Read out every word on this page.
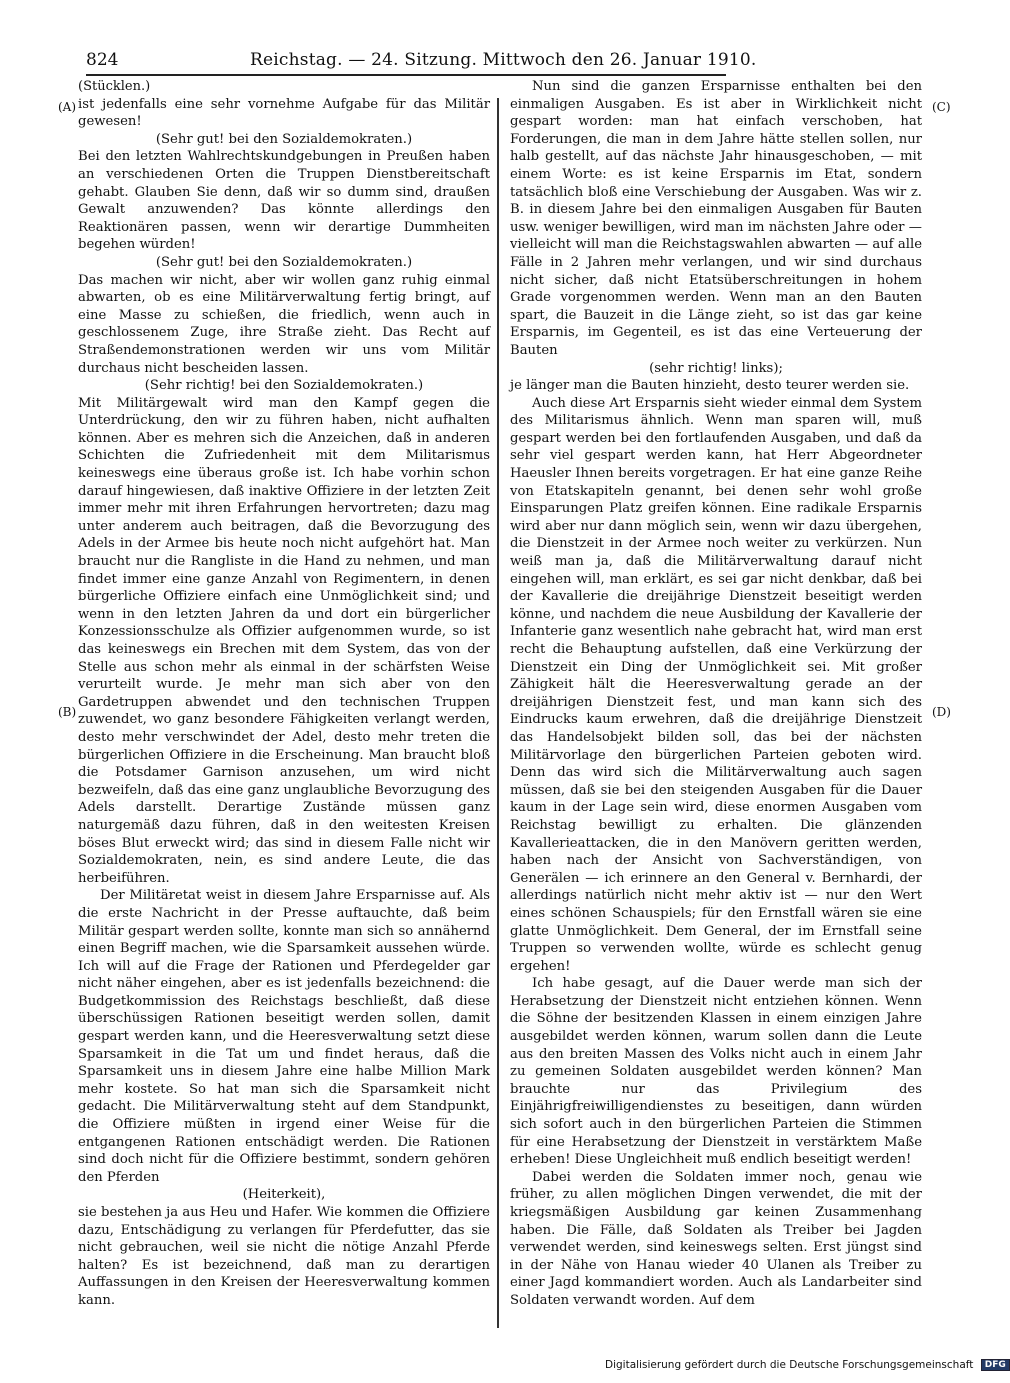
824	Reichstag. — 24. Sitzung. Mittwoch den 26. Januar 1910.
(A)
(B)
(C)
(D)

(Stücklen.)

ist jedenfalls eine sehr vornehme Aufgabe für das Militär gewesen!

(Sehr gut! bei den Sozialdemokraten.)

Bei den letzten Wahlrechtskundgebungen in Preußen haben an verschiedenen Orten die Truppen Dienstbereitschaft gehabt. Glauben Sie denn, daß wir so dumm sind, draußen Gewalt anzuwenden? Das könnte allerdings den Reaktionären passen, wenn wir derartige Dummheiten begehen würden!

(Sehr gut! bei den Sozialdemokraten.)

Das machen wir nicht, aber wir wollen ganz ruhig einmal abwarten, ob es eine Militärverwaltung fertig bringt, auf eine Masse zu schießen, die friedlich, wenn auch in geschlossenem Zuge, ihre Straße zieht. Das Recht auf Straßendemonstrationen werden wir uns vom Militär durchaus nicht bescheiden lassen.

(Sehr richtig! bei den Sozialdemokraten.)

Mit Militärgewalt wird man den Kampf gegen die Unterdrückung, den wir zu führen haben, nicht aufhalten können. Aber es mehren sich die Anzeichen, daß in anderen Schichten die Zufriedenheit mit dem Militarismus keineswegs eine überaus große ist. Ich habe vorhin schon darauf hingewiesen, daß inaktive Offiziere in der letzten Zeit immer mehr mit ihren Erfahrungen hervortreten; dazu mag unter anderem auch beitragen, daß die Bevorzugung des Adels in der Armee bis heute noch nicht aufgehört hat. Man braucht nur die Rangliste in die Hand zu nehmen, und man findet immer eine ganze Anzahl von Regimentern, in denen bürgerliche Offiziere einfach eine Unmöglichkeit sind; und wenn in den letzten Jahren da und dort ein bürgerlicher Konzessionsschulze als Offizier aufgenommen wurde, so ist das keineswegs ein Brechen mit dem System, das von der Stelle aus schon mehr als einmal in der schärfsten Weise verurteilt wurde. Je mehr man sich aber von den Gardetruppen abwendet und den technischen Truppen zuwendet, wo ganz besondere Fähigkeiten verlangt werden, desto mehr verschwindet der Adel, desto mehr treten die bürgerlichen Offiziere in die Erscheinung. Man braucht bloß die Potsdamer Garnison anzusehen, um wird nicht bezweifeln, daß das eine ganz unglaubliche Bevorzugung des Adels darstellt. Derartige Zustände müssen ganz naturgemäß dazu führen, daß in den weitesten Kreisen böses Blut erweckt wird; das sind in diesem Falle nicht wir Sozialdemokraten, nein, es sind andere Leute, die das herbeiführen.

Der Militäretat weist in diesem Jahre Ersparnisse auf. Als die erste Nachricht in der Presse auftauchte, daß beim Militär gespart werden sollte, konnte man sich so annähernd einen Begriff machen, wie die Sparsamkeit aussehen würde. Ich will auf die Frage der Rationen und Pferdegelder gar nicht näher eingehen, aber es ist jedenfalls bezeichnend: die Budgetkommission des Reichstags beschließt, daß diese überschüssigen Rationen beseitigt werden sollen, damit gespart werden kann, und die Heeresverwaltung setzt diese Sparsamkeit in die Tat um und findet heraus, daß die Sparsamkeit uns in diesem Jahre eine halbe Million Mark mehr kostete. So hat man sich die Sparsamkeit nicht gedacht. Die Militärverwaltung steht auf dem Standpunkt, die Offiziere müßten in irgend einer Weise für die entgangenen Rationen entschädigt werden. Die Rationen sind doch nicht für die Offiziere bestimmt, sondern gehören den Pferden

(Heiterkeit),

sie bestehen ja aus Heu und Hafer. Wie kommen die Offiziere dazu, Entschädigung zu verlangen für Pferdefutter, das sie nicht gebrauchen, weil sie nicht die nötige Anzahl Pferde halten? Es ist bezeichnend, daß man zu derartigen Auffassungen in den Kreisen der Heeresverwaltung kommen kann.

Nun sind die ganzen Ersparnisse enthalten bei den einmaligen Ausgaben. Es ist aber in Wirklichkeit nicht gespart worden: man hat einfach verschoben, hat Forderungen, die man in dem Jahre hätte stellen sollen, nur halb gestellt, auf das nächste Jahr hinausgeschoben, — mit einem Worte: es ist keine Ersparnis im Etat, sondern tatsächlich bloß eine Verschiebung der Ausgaben. Was wir z. B. in diesem Jahre bei den einmaligen Ausgaben für Bauten usw. weniger bewilligen, wird man im nächsten Jahre oder — vielleicht will man die Reichstagswahlen abwarten — auf alle Fälle in 2 Jahren mehr verlangen, und wir sind durchaus nicht sicher, daß nicht Etatsüberschreitungen in hohem Grade vorgenommen werden. Wenn man an den Bauten spart, die Bauzeit in die Länge zieht, so ist das gar keine Ersparnis, im Gegenteil, es ist das eine Verteuerung der Bauten

(sehr richtig! links);

je länger man die Bauten hinzieht, desto teurer werden sie.

Auch diese Art Ersparnis sieht wieder einmal dem System des Militarismus ähnlich. Wenn man sparen will, muß gespart werden bei den fortlaufenden Ausgaben, und daß da sehr viel gespart werden kann, hat Herr Abgeordneter Haeusler Ihnen bereits vorgetragen. Er hat eine ganze Reihe von Etatskapiteln genannt, bei denen sehr wohl große Einsparungen Platz greifen können. Eine radikale Ersparnis wird aber nur dann möglich sein, wenn wir dazu übergehen, die Dienstzeit in der Armee noch weiter zu verkürzen. Nun weiß man ja, daß die Militärverwaltung darauf nicht eingehen will, man erklärt, es sei gar nicht denkbar, daß bei der Kavallerie die dreijährige Dienstzeit beseitigt werden könne, und nachdem die neue Ausbildung der Kavallerie der Infanterie ganz wesentlich nahe gebracht hat, wird man erst recht die Behauptung aufstellen, daß eine Verkürzung der Dienstzeit ein Ding der Unmöglichkeit sei. Mit großer Zähigkeit hält die Heeresverwaltung gerade an der dreijährigen Dienstzeit fest, und man kann sich des Eindrucks kaum erwehren, daß die dreijährige Dienstzeit das Handelsobjekt bilden soll, das bei der nächsten Militärvorlage den bürgerlichen Parteien geboten wird. Denn das wird sich die Militärverwaltung auch sagen müssen, daß sie bei den steigenden Ausgaben für die Dauer kaum in der Lage sein wird, diese enormen Ausgaben vom Reichstag bewilligt zu erhalten. Die glänzenden Kavallerieattacken, die in den Manövern geritten werden, haben nach der Ansicht von Sachverständigen, von Generälen — ich erinnere an den General v. Bernhardi, der allerdings natürlich nicht mehr aktiv ist — nur den Wert eines schönen Schauspiels; für den Ernstfall wären sie eine glatte Unmöglichkeit. Dem General, der im Ernstfall seine Truppen so verwenden wollte, würde es schlecht genug ergehen!

Ich habe gesagt, auf die Dauer werde man sich der Herabsetzung der Dienstzeit nicht entziehen können. Wenn die Söhne der besitzenden Klassen in einem einzigen Jahre ausgebildet werden können, warum sollen dann die Leute aus den breiten Massen des Volks nicht auch in einem Jahr zu gemeinen Soldaten ausgebildet werden können? Man brauchte nur das Privilegium des Einjährigfreiwilligendienstes zu beseitigen, dann würden sich sofort auch in den bürgerlichen Parteien die Stimmen für eine Herabsetzung der Dienstzeit in verstärktem Maße erheben! Diese Ungleichheit muß endlich beseitigt werden!

Dabei werden die Soldaten immer noch, genau wie früher, zu allen möglichen Dingen verwendet, die mit der kriegsmäßigen Ausbildung gar keinen Zusammenhang haben. Die Fälle, daß Soldaten als Treiber bei Jagden verwendet werden, sind keineswegs selten. Erst jüngst sind in der Nähe von Hanau wieder 40 Ulanen als Treiber zu einer Jagd kommandiert worden. Auch als Landarbeiter sind Soldaten verwandt worden. Auf dem

Digitalisierung gefördert durch die Deutsche Forschungsgemeinschaft DFG
